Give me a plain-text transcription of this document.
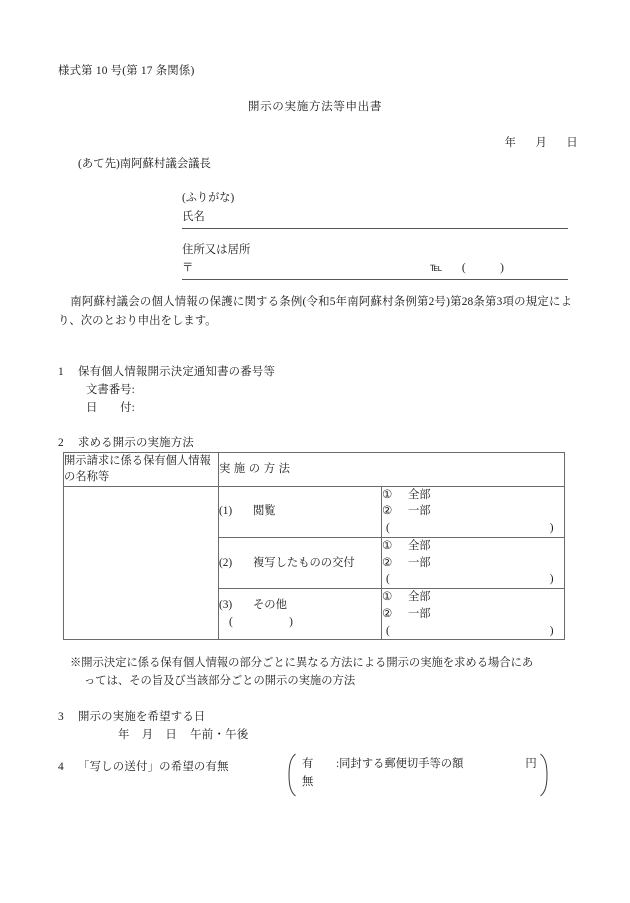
様式第 10 号(第 17 条関係)
開示の実施方法等申出書
年 月 日
(あて先)南阿蘇村議会議長
(ふりがな)
氏名
住所又は居所
〒	℡ (	)
南阿蘇村議会の個人情報の保護に関する条例(令和5年南阿蘇村条例第2号)第28条第3項の規定により、次のとおり申出をします。
1 保有個人情報開示決定通知書の番号等
文書番号:
日　　付:
2 求める開示の実施方法
開示請求に係る保有個人情報の名称等	実施の方法	
	(1) 閲覧	① 全部
② 一部
( )

	(2) 複写したものの交付	① 全部
② 一部
( )

	(3) その他
( )	① 全部
② 一部
( )
※開示決定に係る保有個人情報の部分ごとに異なる方法による開示の実施を求める場合にあ
っては、その旨及び当該部分ごとの開示の実施の方法
3 開示の実施を希望する日
年 月 日 午前・午後
4 「写しの送付」の希望の有無	有 :同封する郵便切手等の額	円
無
